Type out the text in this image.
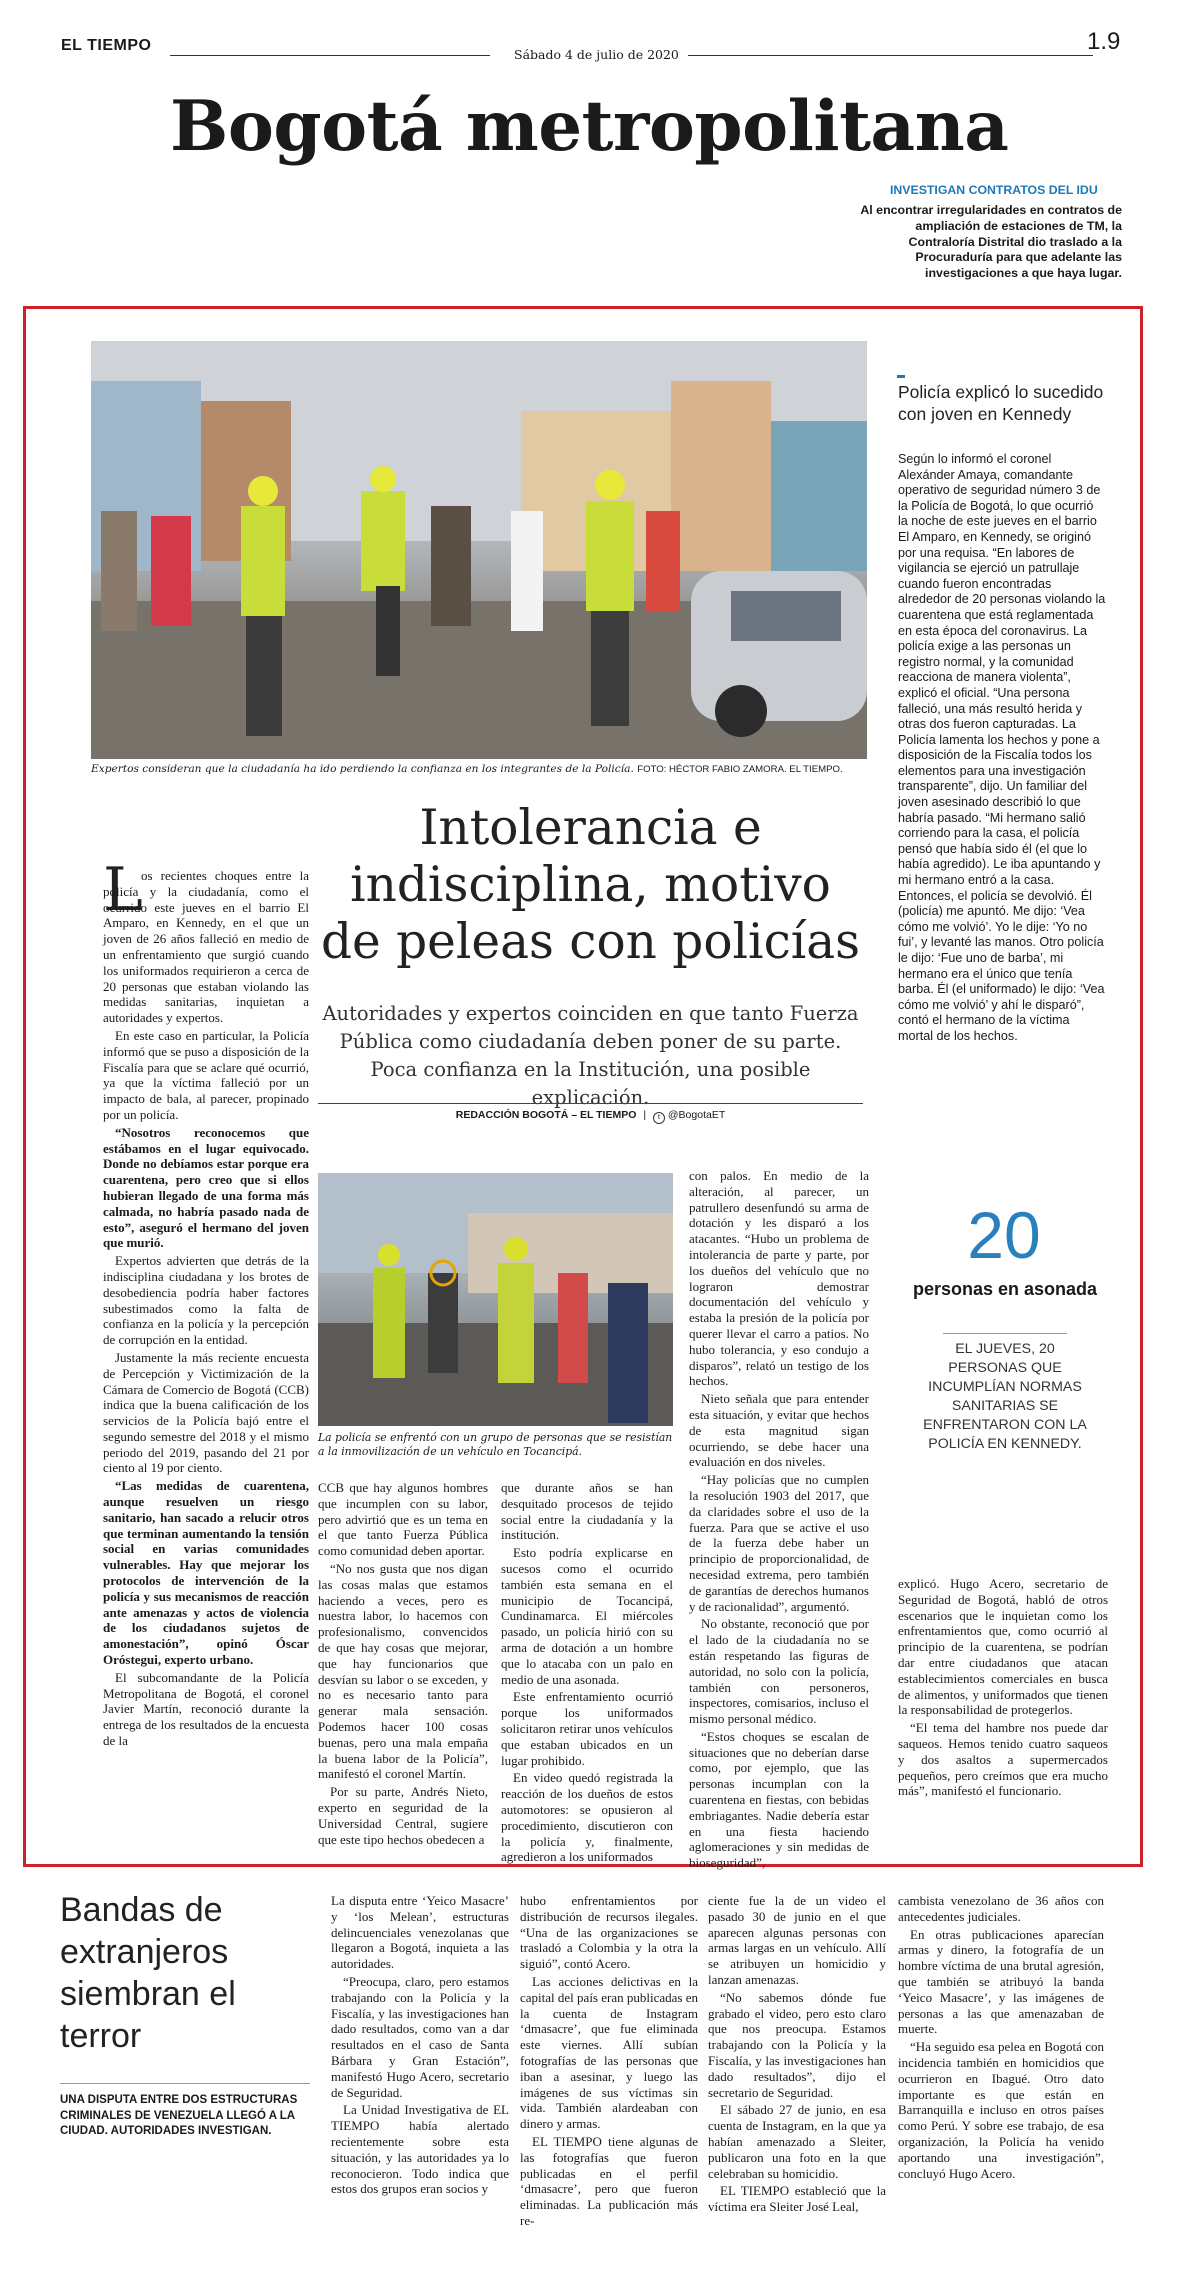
EL TIEMPO
Sábado 4 de julio de 2020	1.9
Bogotá metropolitana
INVESTIGAN CONTRATOS DEL IDU
Al encontrar irregularidades en contratos de ampliación de estaciones de TM, la Contraloría Distrital dio traslado a la Procuraduría para que adelante las investigaciones a que haya lugar.
Expertos consideran que la ciudadanía ha ido perdiendo la confianza en los integrantes de la Policía. FOTO: HÉCTOR FABIO ZAMORA. EL TIEMPO.
Intolerancia e indisciplina, motivo de peleas con policías
Autoridades y expertos coinciden en que tanto Fuerza Pública como ciudadanía deben poner de su parte. Poca confianza en la Institución, una posible explicación.
REDACCIÓN BOGOTÁ – EL TIEMPO | t @BogotaET
L

os recientes choques entre la policía y la ciudadanía, como el ocurrido este jueves en el barrio El Amparo, en Kennedy, en el que un joven de 26 años falleció en medio de un enfrentamiento que surgió cuando los uniformados requirieron a cerca de 20 personas que estaban violando las medidas sanitarias, inquietan a autoridades y expertos.

En este caso en particular, la Policía informó que se puso a disposición de la Fiscalía para que se aclare qué ocurrió, ya que la víctima falleció por un impacto de bala, al parecer, propinado por un policía.

“Nosotros reconocemos que estábamos en el lugar equivocado. Donde no debíamos estar porque era cuarentena, pero creo que si ellos hubieran llegado de una forma más calmada, no habría pasado nada de esto”, aseguró el hermano del joven que murió.

Expertos advierten que detrás de la indisciplina ciudadana y los brotes de desobediencia podría haber factores subestimados como la falta de confianza en la policía y la percepción de corrupción en la entidad.

Justamente la más reciente encuesta de Percepción y Victimización de la Cámara de Comercio de Bogotá (CCB) indica que la buena calificación de los servicios de la Policía bajó entre el segundo semestre del 2018 y el mismo periodo del 2019, pasando del 21 por ciento al 19 por ciento.

“Las medidas de cuarentena, aunque resuelven un riesgo sanitario, han sacado a relucir otros que terminan aumentando la tensión social en varias comunidades vulnerables. Hay que mejorar los protocolos de intervención de la policía y sus mecanismos de reacción ante amenazas y actos de violencia de los ciudadanos sujetos de amonestación”, opinó Óscar Oróstegui, experto urbano.

El subcomandante de la Policía Metropolitana de Bogotá, el coronel Javier Martín, reconoció durante la entrega de los resultados de la encuesta de la

La policía se enfrentó con un grupo de personas que se resistían a la inmovilización de un vehículo en Tocancipá.

CCB que hay algunos hombres que incumplen con su labor, pero advirtió que es un tema en el que tanto Fuerza Pública como comunidad deben aportar.

“No nos gusta que nos digan las cosas malas que estamos haciendo a veces, pero es nuestra labor, lo hacemos con profesionalismo, convencidos de que hay cosas que mejorar, que hay funcionarios que desvían su labor o se exceden, y no es necesario tanto para generar mala sensación. Podemos hacer 100 cosas buenas, pero una mala empaña la buena labor de la Policía”, manifestó el coronel Martín.

Por su parte, Andrés Nieto, experto en seguridad de la Universidad Central, sugiere que este tipo hechos obedecen a

que durante años se han desquitado procesos de tejido social entre la ciudadanía y la institución.

Esto podría explicarse en sucesos como el ocurrido también esta semana en el municipio de Tocancipá, Cundinamarca. El miércoles pasado, un policía hirió con su arma de dotación a un hombre que lo atacaba con un palo en medio de una asonada.

Este enfrentamiento ocurrió porque los uniformados solicitaron retirar unos vehículos que estaban ubicados en un lugar prohibido.

En video quedó registrada la reacción de los dueños de estos automotores: se opusieron al procedimiento, discutieron con la policía y, finalmente, agredieron a los uniformados

con palos. En medio de la alteración, al parecer, un patrullero desenfundó su arma de dotación y les disparó a los atacantes. “Hubo un problema de intolerancia de parte y parte, por los dueños del vehículo que no lograron demostrar documentación del vehículo y estaba la presión de la policía por querer llevar el carro a patios. No hubo tolerancia, y eso condujo a disparos”, relató un testigo de los hechos.

Nieto señala que para entender esta situación, y evitar que hechos de esta magnitud sigan ocurriendo, se debe hacer una evaluación en dos niveles.

“Hay policías que no cumplen la resolución 1903 del 2017, que da claridades sobre el uso de la fuerza. Para que se active el uso de la fuerza debe haber un principio de proporcionalidad, de necesidad extrema, pero también de garantías de derechos humanos y de racionalidad”, argumentó.

No obstante, reconoció que por el lado de la ciudadanía no se están respetando las figuras de autoridad, no solo con la policía, también con personeros, inspectores, comisarios, incluso el mismo personal médico.

“Estos choques se escalan de situaciones que no deberían darse como, por ejemplo, que las personas incumplan con la cuarentena en fiestas, con bebidas embriagantes. Nadie debería estar en una fiesta haciendo aglomeraciones y sin medidas de bioseguridad”,

Policía explicó lo sucedido con joven en Kennedy
Según lo informó el coronel Alexánder Amaya, comandante operativo de seguridad número 3 de la Policía de Bogotá, lo que ocurrió la noche de este jueves en el barrio El Amparo, en Kennedy, se originó por una requisa. “En labores de vigilancia se ejerció un patrullaje cuando fueron encontradas alrededor de 20 personas violando la cuarentena que está reglamentada en esta época del coronavirus. La policía exige a las personas un registro normal, y la comunidad reacciona de manera violenta”, explicó el oficial. “Una persona falleció, una más resultó herida y otras dos fueron capturadas. La Policía lamenta los hechos y pone a disposición de la Fiscalía todos los elementos para una investigación transparente”, dijo. Un familiar del joven asesinado describió lo que habría pasado. “Mi hermano salió corriendo para la casa, el policía pensó que había sido él (el que lo había agredido). Le iba apuntando y mi hermano entró a la casa. Entonces, el policía se devolvió. Él (policía) me apuntó. Me dijo: ‘Vea cómo me volvió’. Yo le dije: ‘Yo no fui’, y levanté las manos. Otro policía le dijo: ‘Fue uno de barba’, mi hermano era el único que tenía barba. Él (el uniformado) le dijo: ‘Vea cómo me volvió’ y ahí le disparó”, contó el hermano de la víctima mortal de los hechos.
20
personas en asonada
EL JUEVES, 20 PERSONAS QUE INCUMPLÍAN NORMAS SANITARIAS SE ENFRENTARON CON LA POLICÍA EN KENNEDY.

explicó. Hugo Acero, secretario de Seguridad de Bogotá, habló de otros escenarios que le inquietan como los enfrentamientos que, como ocurrió al principio de la cuarentena, se podrían dar entre ciudadanos que atacan establecimientos comerciales en busca de alimentos, y uniformados que tienen la responsabilidad de protegerlos.

“El tema del hambre nos puede dar saqueos. Hemos tenido cuatro saqueos y dos asaltos a supermercados pequeños, pero creímos que era mucho más”, manifestó el funcionario.

Bandas de extranjeros siembran el terror
UNA DISPUTA ENTRE DOS ESTRUCTURAS CRIMINALES DE VENEZUELA LLEGÓ A LA CIUDAD. AUTORIDADES INVESTIGAN.

La disputa entre ‘Yeico Masacre’ y ‘los Melean’, estructuras delincuenciales venezolanas que llegaron a Bogotá, inquieta a las autoridades.

“Preocupa, claro, pero estamos trabajando con la Policía y la Fiscalía, y las investigaciones han dado resultados, como van a dar resultados en el caso de Santa Bárbara y Gran Estación”, manifestó Hugo Acero, secretario de Seguridad.

La Unidad Investigativa de EL TIEMPO había alertado recientemente sobre esta situación, y las autoridades ya lo reconocieron. Todo indica que estos dos grupos eran socios y

hubo enfrentamientos por distribución de recursos ilegales. “Una de las organizaciones se trasladó a Colombia y la otra la siguió”, contó Acero.

Las acciones delictivas en la capital del país eran publicadas en la cuenta de Instagram ‘dmasacre’, que fue eliminada este viernes. Allí subían fotografías de las personas que iban a asesinar, y luego las imágenes de sus víctimas sin vida. También alardeaban con dinero y armas.

EL TIEMPO tiene algunas de las fotografías que fueron publicadas en el perfil ‘dmasacre’, pero que fueron eliminadas. La publicación más re-

ciente fue la de un video el pasado 30 de junio en el que aparecen algunas personas con armas largas en un vehículo. Allí se atribuyen un homicidio y lanzan amenazas.

“No sabemos dónde fue grabado el video, pero esto claro que nos preocupa. Estamos trabajando con la Policía y la Fiscalía, y las investigaciones han dado resultados”, dijo el secretario de Seguridad.

El sábado 27 de junio, en esa cuenta de Instagram, en la que ya habían amenazado a Sleiter, publicaron una foto en la que celebraban su homicidio.

EL TIEMPO estableció que la víctima era Sleiter José Leal,

cambista venezolano de 36 años con antecedentes judiciales.

En otras publicaciones aparecían armas y dinero, la fotografía de un hombre víctima de una brutal agresión, que también se atribuyó la banda ‘Yeico Masacre’, y las imágenes de personas a las que amenazaban de muerte.

“Ha seguido esa pelea en Bogotá con incidencia también en homicidios que ocurrieron en Ibagué. Otro dato importante es que están en Barranquilla e incluso en otros países como Perú. Y sobre ese trabajo, de esa organización, la Policía ha venido aportando una investigación”, concluyó Hugo Acero.
